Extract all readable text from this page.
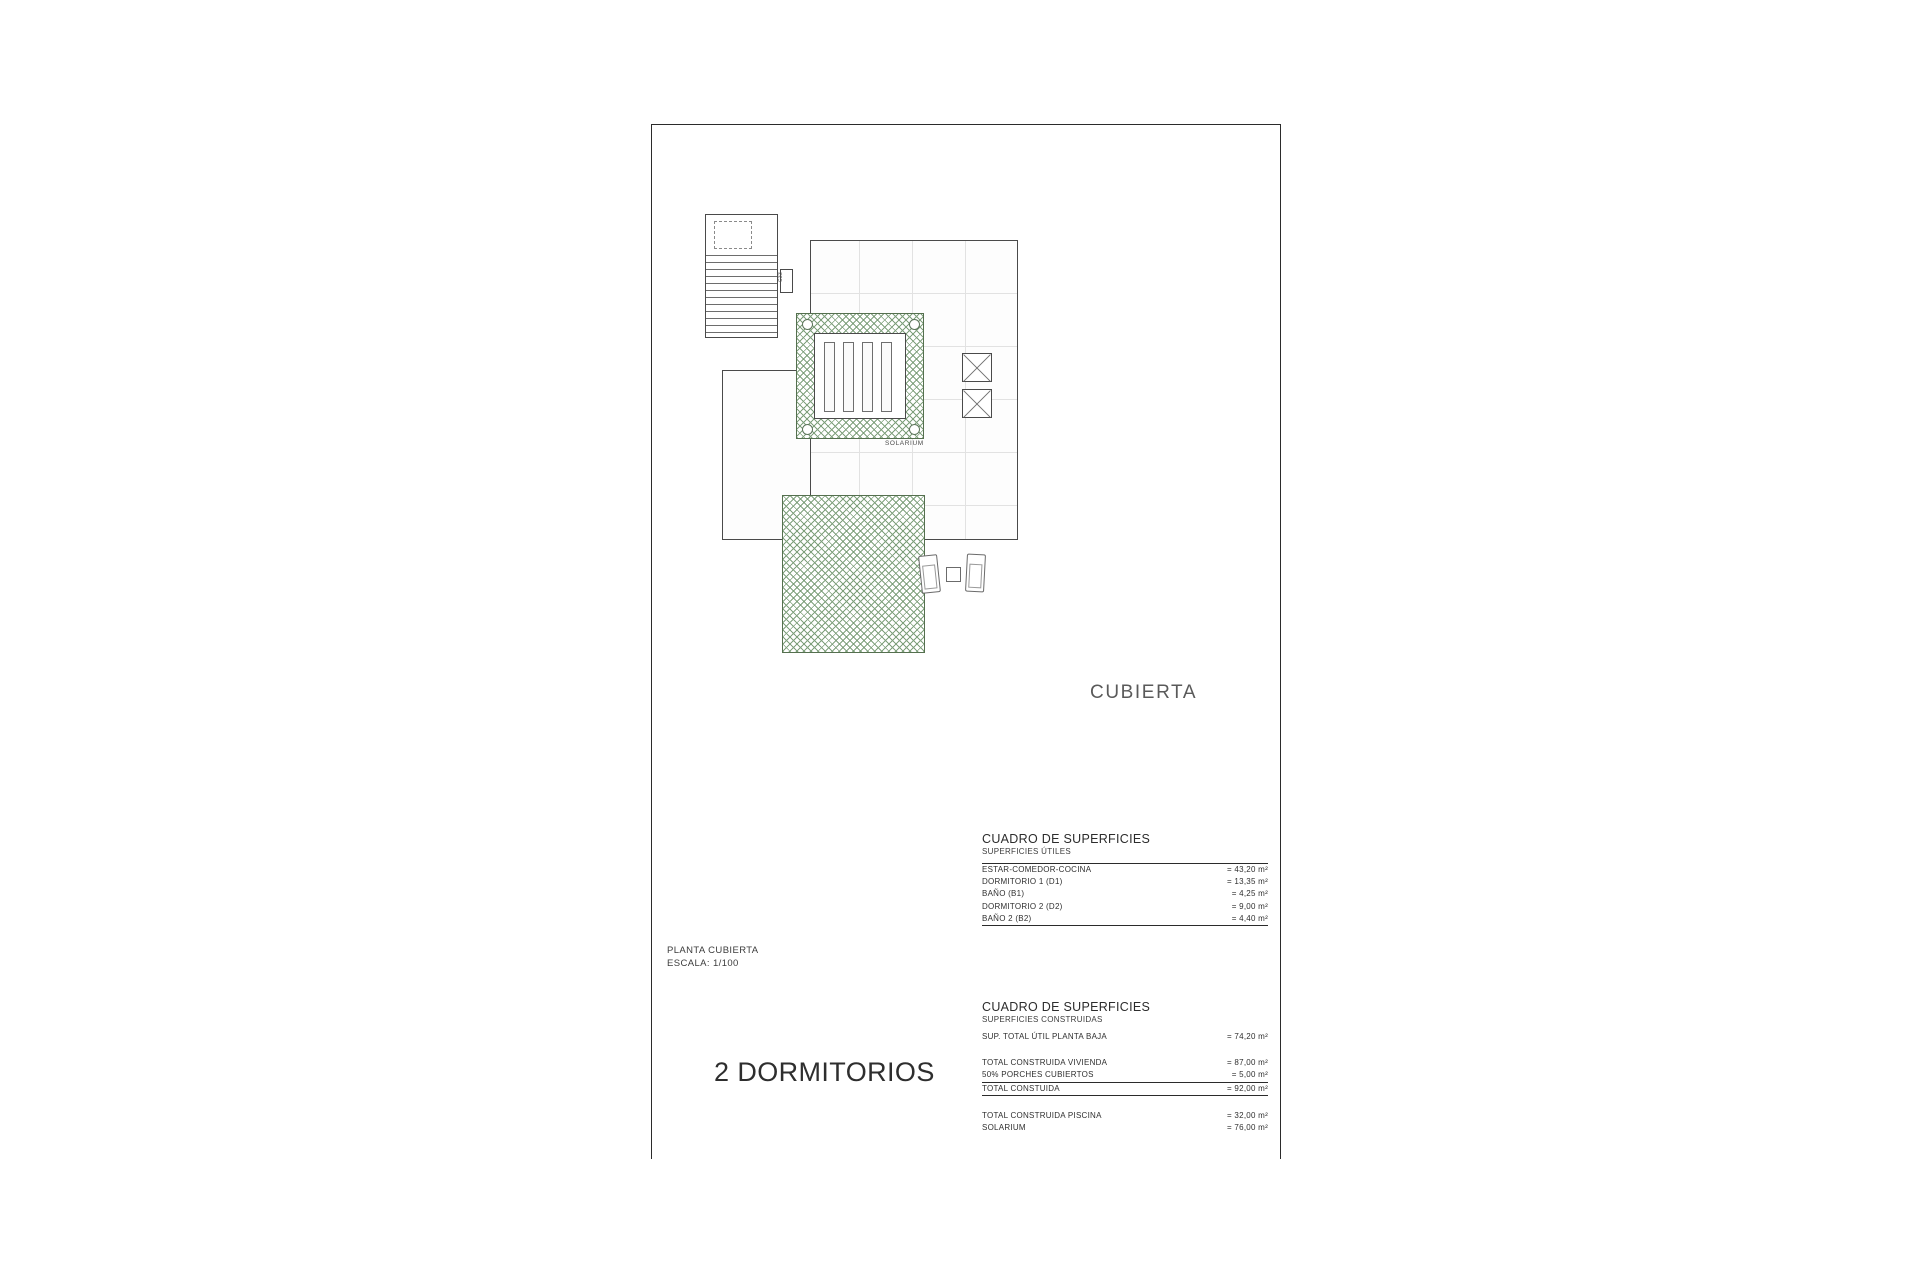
C33
SOLARIUM
CUBIERTA
PLANTA CUBIERTA
ESCALA: 1/100
2 DORMITORIOS
CUADRO DE SUPERFICIES
SUPERFICIES ÚTILES
ESTAR-COMEDOR-COCINA	= 43,20 m²
DORMITORIO 1 (D1)	= 13,35 m²
BAÑO (B1)	= 4,25 m²
DORMITORIO 2 (D2)	= 9,00 m²
BAÑO 2 (B2)	= 4,40 m²
CUADRO DE SUPERFICIES
SUPERFICIES CONSTRUIDAS
SUP. TOTAL ÚTIL PLANTA BAJA	= 74,20 m²
TOTAL CONSTRUIDA VIVIENDA	= 87,00 m²
50% PORCHES CUBIERTOS	= 5,00 m²
TOTAL CONSTUIDA	= 92,00 m²
TOTAL CONSTRUIDA PISCINA	= 32,00 m²
SOLARIUM	= 76,00 m²
